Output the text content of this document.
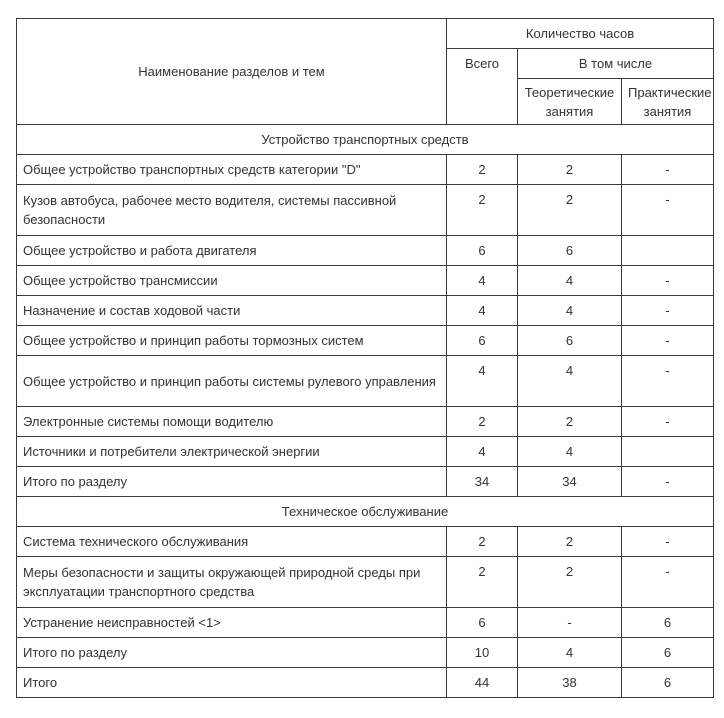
Наименование разделов и тем	Количество часов		
	Всего	В том числе	
		Теоретические занятия	Практические занятия
Устройство транспортных средств			
Общее устройство транспортных средств категории "D"	2	2	-
Кузов автобуса, рабочее место водителя, системы пассивной безопасности	2	2	-
Общее устройство и работа двигателя	6	6	
Общее устройство трансмиссии	4	4	-
Назначение и состав ходовой части	4	4	-
Общее устройство и принцип работы тормозных систем	6	6	-
Общее устройство и принцип работы системы рулевого управления	4	4	-
Электронные системы помощи водителю	2	2	-
Источники и потребители электрической энергии	4	4	
Итого по разделу	34	34	-
Техническое обслуживание			
Система технического обслуживания	2	2	-
Меры безопасности и защиты окружающей природной среды при эксплуатации транспортного средства	2	2	-
Устранение неисправностей <1>	6	-	6
Итого по разделу	10	4	6
Итого	44	38	6
